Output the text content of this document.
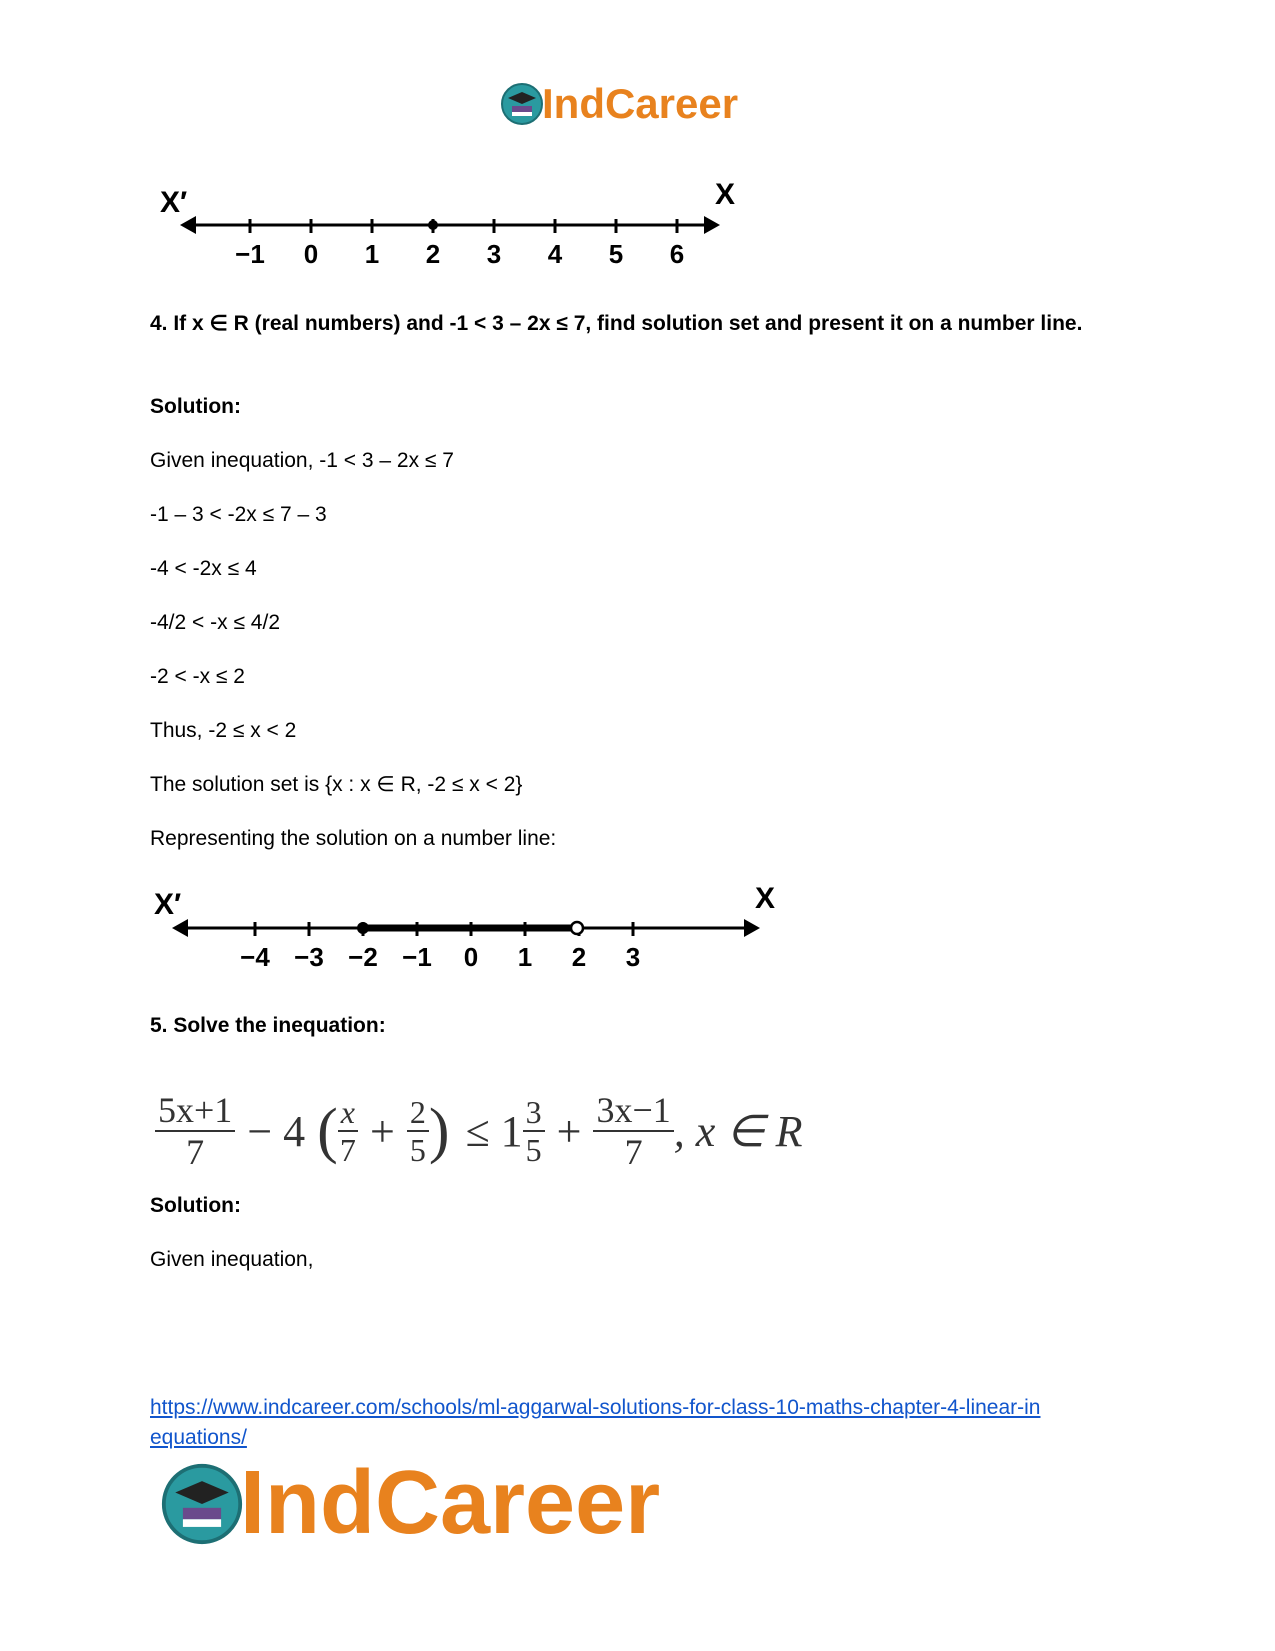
IndCareer
X′	X
−1 0 1 2 3 4 5 6

4. If x ∈ R (real numbers) and -1 < 3 – 2x ≤ 7, find solution set and present it on a number line.

Solution:

Given inequation, -1 < 3 – 2x ≤ 7

-1 – 3 < -2x ≤ 7 – 3

-4 < -2x ≤ 4

-4/2 < -x ≤ 4/2

-2 < -x ≤ 2

Thus, -2 ≤ x < 2

The solution set is {x : x ∈ R, -2 ≤ x < 2}

Representing the solution on a number line:

X′	X
−4 −3 −2 −1 0 1 2 3

5. Solve the inequation:

$\frac{5x+1}{7} - 4$ ( $\frac{x}{7} + \frac{2}{5}$ ) ≤ $1 \frac{3}{5} + \frac{3x-1}{7}$ , x ∈ R

Solution:

Given inequation,

https://www.indcareer.com/schools/ml-aggarwal-solutions-for-class-10-maths-chapter-4-linear-in
equations/

IndCareer
